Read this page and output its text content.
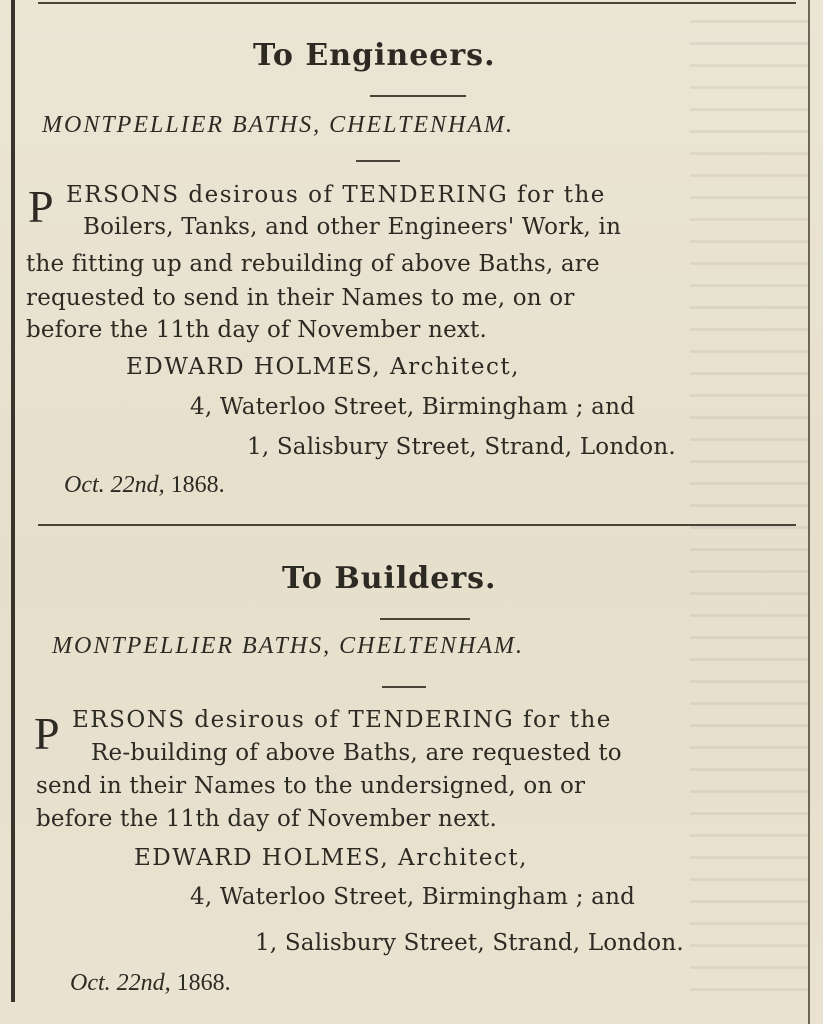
To Engineers.
MONTPELLIER BATHS, CHELTENHAM.
P ERSONS desirous of TENDERING for the
Boilers, Tanks, and other Engineers' Work, in
the fitting up and rebuilding of above Baths, are
requested to send in their Names to me, on or
before the 11th day of November next.
EDWARD HOLMES, Architect,
4, Waterloo Street, Birmingham ; and
1, Salisbury Street, Strand, London.
Oct. 22nd, 1868.
To Builders.
MONTPELLIER BATHS, CHELTENHAM.
P ERSONS desirous of TENDERING for the
Re-building of above Baths, are requested to
send in their Names to the undersigned, on or
before the 11th day of November next.
EDWARD HOLMES, Architect,
4, Waterloo Street, Birmingham ; and
1, Salisbury Street, Strand, London.
Oct. 22nd, 1868.
